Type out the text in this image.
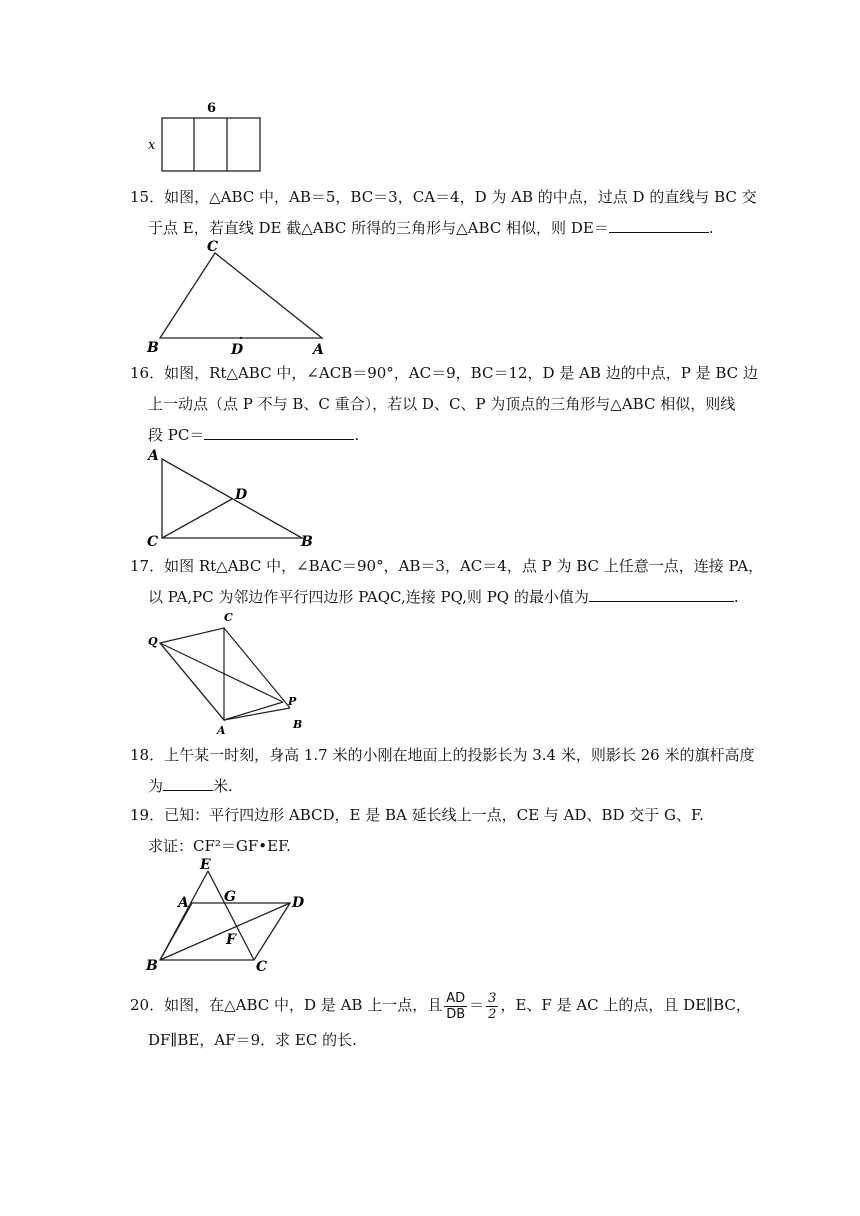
6
x
15．如图，△ABC 中，AB＝5，BC＝3，CA＝4，D 为 AB 的中点，过点 D 的直线与 BC 交
于点 E，若直线 DE 截△ABC 所得的三角形与△ABC 相似，则 DE＝	.
C
B	D	A
16．如图，Rt△ABC 中，∠ACB＝90°，AC＝9，BC＝12，D 是 AB 边的中点，P 是 BC 边
上一动点（点 P 不与 B、C 重合），若以 D、C、P 为顶点的三角形与△ABC 相似，则线
段 PC＝	.
A
D
C	B
17．如图 Rt△ABC 中，∠BAC＝90°，AB＝3，AC＝4，点 P 为 BC 上任意一点，连接 PA，
以 PA,PC 为邻边作平行四边形 PAQC,连接 PQ,则 PQ 的最小值为	.
C
Q
P
A	B
18．上午某一时刻，身高 1.7 米的小刚在地面上的投影长为 3.4 米，则影长 26 米的旗杆高度
为	米.
19．已知：平行四边形 ABCD，E 是 BA 延长线上一点，CE 与 AD、BD 交于 G、F.
求证：CF²＝GF•EF.
E
A	G	D
F
B	C
20．如图，在△ABC 中，D 是 AB 上一点，且 $\frac{AD}{DB} = \frac{3}{2}$ ，E、F 是 AC 上的点，且 DE∥BC，
DF∥BE，AF＝9．求 EC 的长.
